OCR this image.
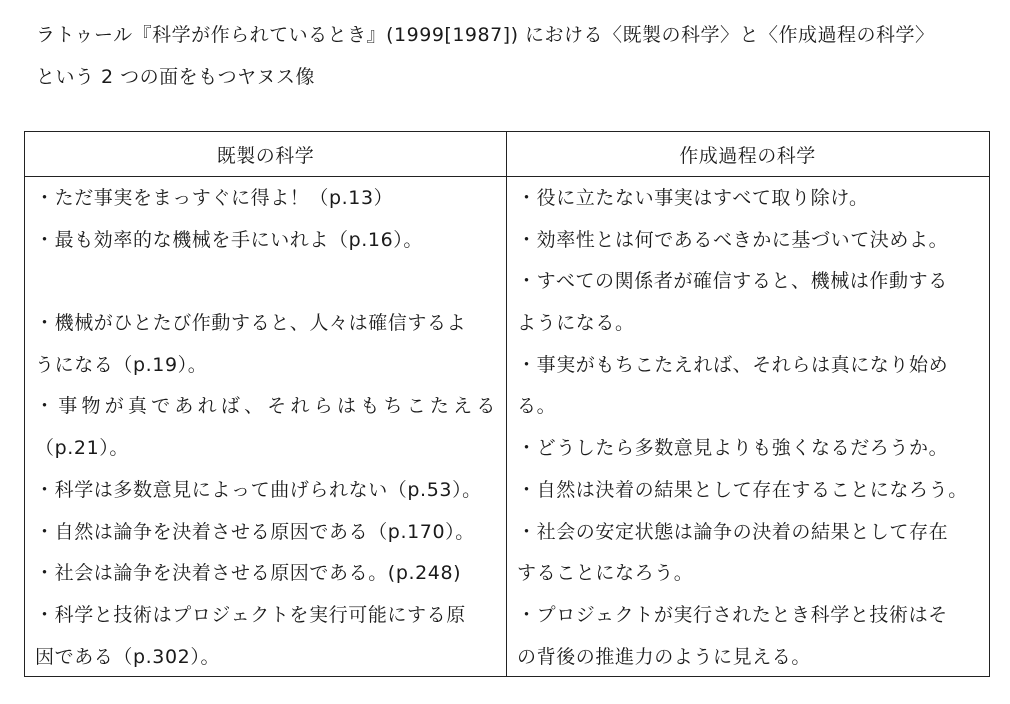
ラトゥール『科学が作られているとき』(1999[1987]) における〈既製の科学〉と〈作成過程の科学〉
という 2 つの面をもつヤヌス像
既製の科学	作成過程の科学
・ただ事実をまっすぐに得よ！（p.13）
・最も効率的な機械を手にいれよ（p.16）。
・機械がひとたび作動すると、人々は確信するよ
うになる（p.19）。
・事物が真であれば、それらはもちこたえる
（p.21）。
・科学は多数意見によって曲げられない（p.53）。
・自然は論争を決着させる原因である（p.170）。
・社会は論争を決着させる原因である。(p.248)
・科学と技術はプロジェクトを実行可能にする原
因である（p.302）。
・役に立たない事実はすべて取り除け。
・効率性とは何であるべきかに基づいて決めよ。
・すべての関係者が確信すると、機械は作動する
ようになる。
・事実がもちこたえれば、それらは真になり始め
る。
・どうしたら多数意見よりも強くなるだろうか。
・自然は決着の結果として存在することになろう。
・社会の安定状態は論争の決着の結果として存在
することになろう。
・プロジェクトが実行されたとき科学と技術はそ
の背後の推進力のように見える。
